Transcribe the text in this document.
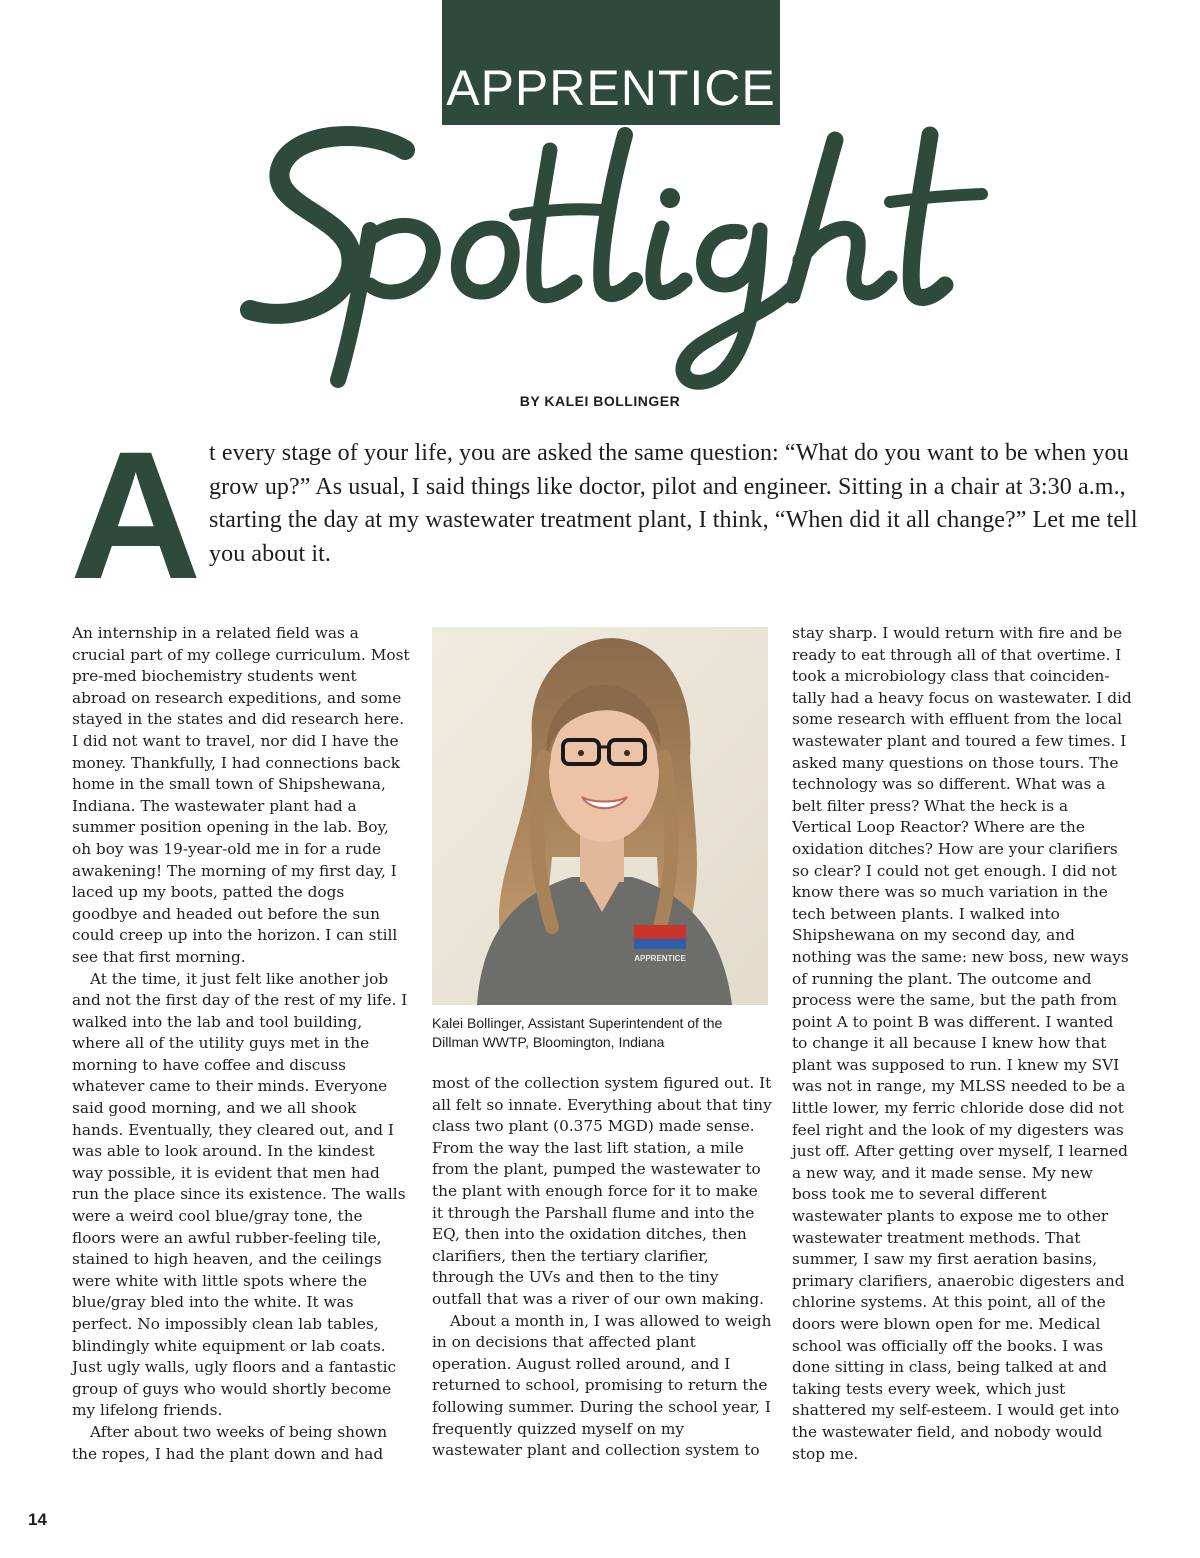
APPRENTICE
BY KALEI BOLLINGER
A t every stage of your life, you are asked the same question: “What do you want to be when you grow up?” As usual, I said things like doctor, pilot and engineer. Sitting in a chair at 3:30 a.m., starting the day at my wastewater treatment plant, I think, “When did it all change?” Let me tell you about it.

An internship in a related field was a crucial part of my college curriculum. Most pre-med biochemistry students went abroad on research expeditions, and some stayed in the states and did research here. I did not want to travel, nor did I have the money. Thankfully, I had connections back home in the small town of Shipshewana, Indiana. The wastewater plant had a summer position opening in the lab. Boy, oh boy was 19-year-old me in for a rude awakening! The morning of my first day, I laced up my boots, patted the dogs goodbye and headed out before the sun could creep up into the horizon. I can still see that first morning.

At the time, it just felt like another job and not the first day of the rest of my life. I walked into the lab and tool building, where all of the utility guys met in the morning to have coffee and discuss whatever came to their minds. Everyone said good morning, and we all shook hands. Eventually, they cleared out, and I was able to look around. In the kindest way possible, it is evident that men had run the place since its existence. The walls were a weird cool blue/gray tone, the floors were an awful rubber-feeling tile, stained to high heaven, and the ceilings were white with little spots where the blue/gray bled into the white. It was perfect. No impossibly clean lab tables, blindingly white equipment or lab coats. Just ugly walls, ugly floors and a fantastic group of guys who would shortly become my lifelong friends.

After about two weeks of being shown the ropes, I had the plant down and had

APPRENTICE
Kalei Bollinger, Assistant Superintendent of the Dillman WWTP, Bloomington, Indiana

most of the collection system figured out. It all felt so innate. Everything about that tiny class two plant (0.375 MGD) made sense. From the way the last lift station, a mile from the plant, pumped the wastewater to the plant with enough force for it to make it through the Parshall flume and into the EQ, then into the oxidation ditches, then clarifiers, then the tertiary clarifier, through the UVs and then to the tiny outfall that was a river of our own making.

About a month in, I was allowed to weigh in on decisions that affected plant operation. August rolled around, and I returned to school, promising to return the following summer. During the school year, I frequently quizzed myself on my wastewater plant and collection system to

stay sharp. I would return with fire and be ready to eat through all of that overtime. I took a microbiology class that coincidentally had a heavy focus on wastewater. I did some research with effluent from the local wastewater plant and toured a few times. I asked many questions on those tours. The technology was so different. What was a belt filter press? What the heck is a Vertical Loop Reactor? Where are the oxidation ditches? How are your clarifiers so clear? I could not get enough. I did not know there was so much variation in the tech between plants. I walked into Shipshewana on my second day, and nothing was the same: new boss, new ways of running the plant. The outcome and process were the same, but the path from point A to point B was different. I wanted to change it all because I knew how that plant was supposed to run. I knew my SVI was not in range, my MLSS needed to be a little lower, my ferric chloride dose did not feel right and the look of my digesters was just off. After getting over myself, I learned a new way, and it made sense. My new boss took me to several different wastewater plants to expose me to other wastewater treatment methods. That summer, I saw my first aeration basins, primary clarifiers, anaerobic digesters and chlorine systems. At this point, all of the doors were blown open for me. Medical school was officially off the books. I was done sitting in class, being talked at and taking tests every week, which just shattered my self-esteem. I would get into the wastewater field, and nobody would stop me.

14
